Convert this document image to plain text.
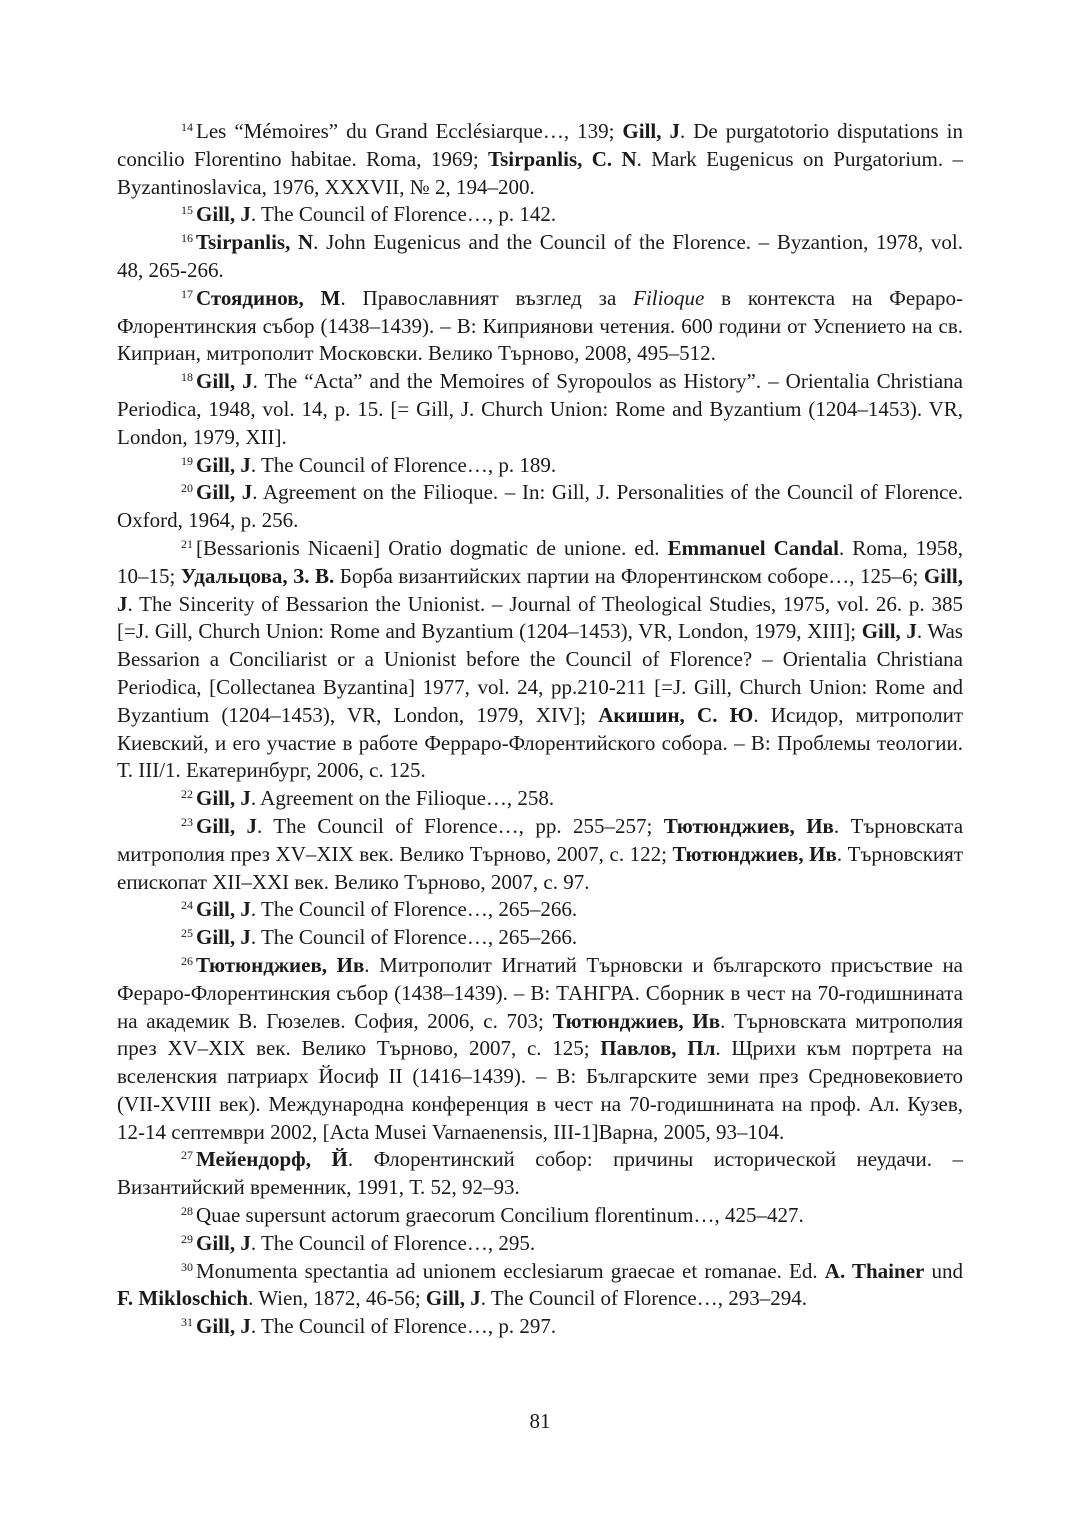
$^{14}$ Les “Mémoires” du Grand Ecclésiarque…, 139; Gill, J. De purgatotorio disputations in concilio Florentino habitae. Roma, 1969; Tsirpanlis, C. N. Mark Eugenicus on Purgatorium. – Byzantinoslavica, 1976, XXXVII, № 2, 194–200.

$^{15}$ Gill, J. The Council of Florence…, p. 142.

$^{16}$ Tsirpanlis, N. John Eugenicus and the Council of the Florence. – Byzantion, 1978, vol. 48, 265-266.

$^{17}$ Стоядинов, М. Православният възглед за Filioque в контекста на Фераро-Флорентинския събор (1438–1439). – В: Киприянови четения. 600 години от Успението на св. Киприан, митрополит Московски. Велико Търново, 2008, 495–512.

$^{18}$ Gill, J. The “Acta” and the Memoires of Syropoulos as History”. – Orientalia Christiana Periodica, 1948, vol. 14, p. 15. [= Gill, J. Church Union: Rome and Byzantium (1204–1453). VR, London, 1979, XII].

$^{19}$ Gill, J. The Council of Florence…, p. 189.

$^{20}$ Gill, J. Agreement on the Filioque. – In: Gill, J. Personalities of the Council of Florence. Oxford, 1964, p. 256.

$^{21}$ [Bessarionis Nicaeni] Oratio dogmatic de unione. ed. Emmanuel Candal. Roma, 1958, 10–15; Удальцова, З. В. Борба византийских партии на Флорентинском соборе…, 125–6; Gill, J. The Sincerity of Bessarion the Unionist. – Journal of Theological Studies, 1975, vol. 26. p. 385 [=J. Gill, Church Union: Rome and Byzantium (1204–1453), VR, London, 1979, XIII]; Gill, J. Was Bessarion a Conciliarist or a Unionist before the Council of Florence? – Orientalia Christiana Periodica, [Collectanea Byzantina] 1977, vol. 24, pp.210-211 [=J. Gill, Church Union: Rome and Byzantium (1204–1453), VR, London, 1979, XIV]; Акишин, С. Ю. Исидор, митрополит Киевский, и его участие в работе Ферраро-Флорентийского собора. – В: Проблемы теологии. Т. III/1. Екатеринбург, 2006, с. 125.

$^{22}$ Gill, J. Agreement on the Filioque…, 258.

$^{23}$ Gill, J. The Council of Florence…, pp. 255–257; Тютюнджиев, Ив. Търновската митрополия през XV–XIX век. Велико Търново, 2007, с. 122; Тютюнджиев, Ив. Търновският епископат XII–XXI век. Велико Търново, 2007, с. 97.

$^{24}$ Gill, J. The Council of Florence…, 265–266.

$^{25}$ Gill, J. The Council of Florence…, 265–266.

$^{26}$ Тютюнджиев, Ив. Митрополит Игнатий Търновски и българското присъствие на Фераро-Флорентинския събор (1438–1439). – В: ТАНГРА. Сборник в чест на 70-годишнината на академик В. Гюзелев. София, 2006, с. 703; Тютюнджиев, Ив. Търновската митрополия през XV–XIX век. Велико Търново, 2007, с. 125; Павлов, Пл. Щрихи към портрета на вселенския патриарх Йосиф II (1416–1439). – В: Българските земи през Средновековието (VII-XVIII век). Международна конференция в чест на 70-годишнината на проф. Ал. Кузев, 12-14 септември 2002, [Acta Musei Varnaenensis, III-1]Варна, 2005, 93–104.

$^{27}$ Мейендорф, Й. Флорентинский собор: причины исторической неудачи. – Византийский временник, 1991, Т. 52, 92–93.

$^{28}$ Quae supersunt actorum graecorum Concilium florentinum…, 425–427.

$^{29}$ Gill, J. The Council of Florence…, 295.

$^{30}$ Monumenta spectantia ad unionem ecclesiarum graecae et romanae. Ed. A. Thainer und F. Mikloschich. Wien, 1872, 46-56; Gill, J. The Council of Florence…, 293–294.

$^{31}$ Gill, J. The Council of Florence…, p. 297.

81
